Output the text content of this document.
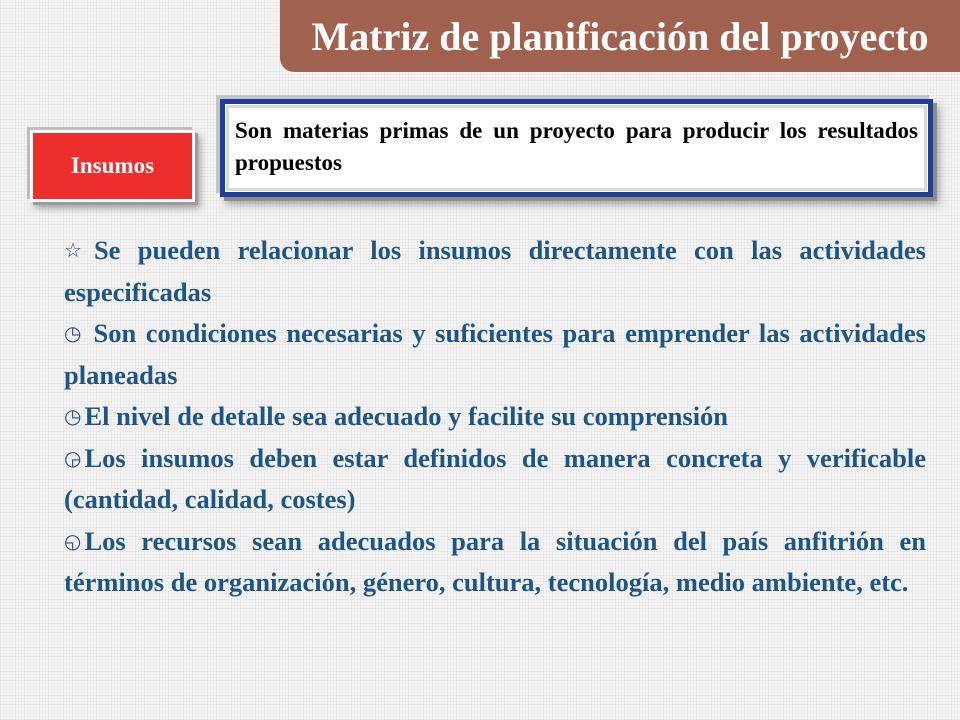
Matriz de planificación del proyecto
Insumos
Son materias primas de un proyecto para producir los resultados propuestos
☆ Se pueden relacionar los insumos directamente con las actividades especificadas
◷ Son condiciones necesarias y suficientes para emprender las actividades planeadas
◷ El nivel de detalle sea adecuado y facilite su comprensión
◶ Los insumos deben estar definidos de manera concreta y verificable (cantidad, calidad, costes)
◵ Los recursos sean adecuados para la situación del país anfitrión en términos de organización, género, cultura, tecnología, medio ambiente, etc.
